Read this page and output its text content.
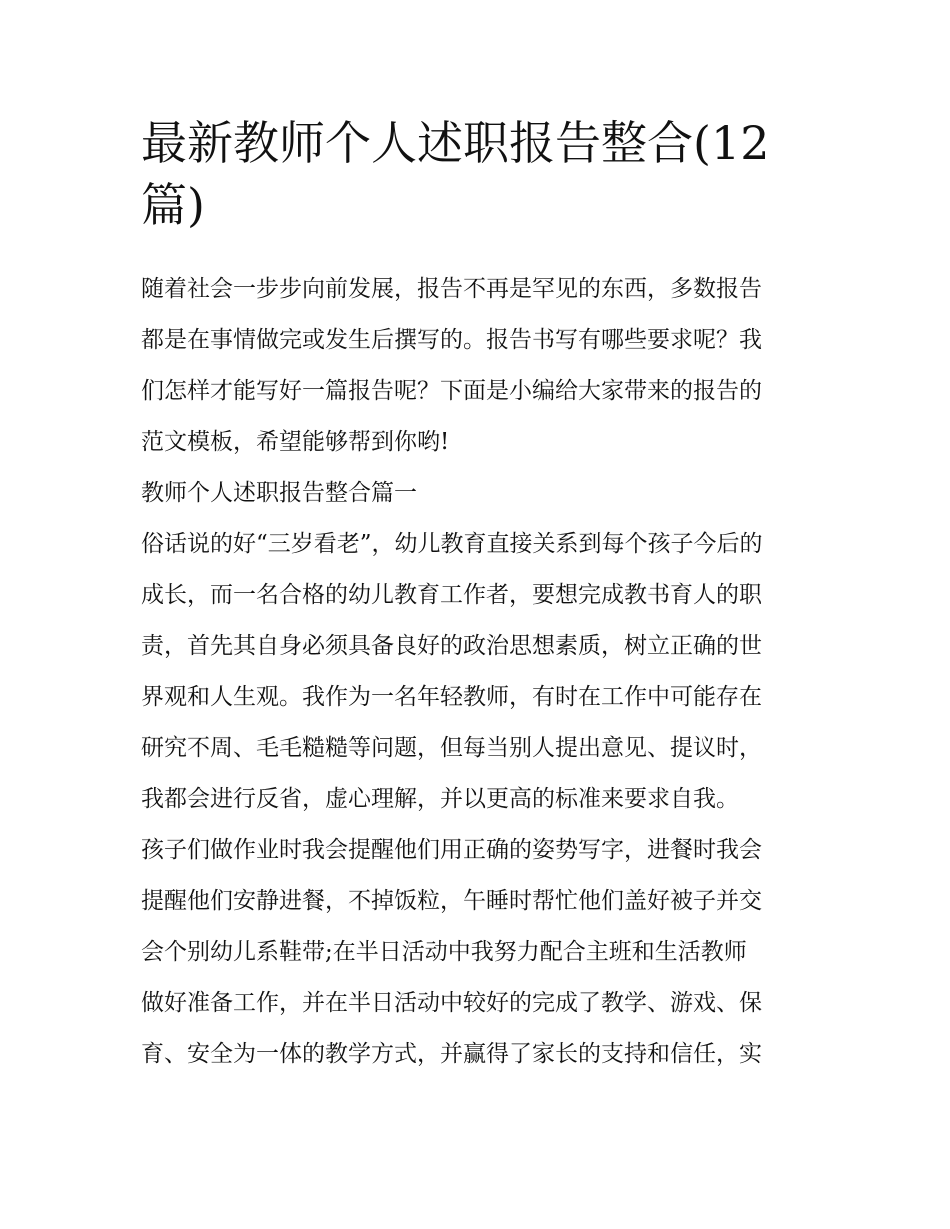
最新教师个人述职报告整合(12
篇)
随着社会一步步向前发展，报告不再是罕见的东西，多数报告
都是在事情做完或发生后撰写的。报告书写有哪些要求呢？我
们怎样才能写好一篇报告呢？下面是小编给大家带来的报告的
范文模板，希望能够帮到你哟!
教师个人述职报告整合篇一
俗话说的好“三岁看老”，幼儿教育直接关系到每个孩子今后的
成长，而一名合格的幼儿教育工作者，要想完成教书育人的职
责，首先其自身必须具备良好的政治思想素质，树立正确的世
界观和人生观。我作为一名年轻教师，有时在工作中可能存在
研究不周、毛毛糙糙等问题，但每当别人提出意见、提议时，
我都会进行反省，虚心理解，并以更高的标准来要求自我。
孩子们做作业时我会提醒他们用正确的姿势写字，进餐时我会
提醒他们安静进餐，不掉饭粒，午睡时帮忙他们盖好被子并交
会个别幼儿系鞋带;在半日活动中我努力配合主班和生活教师
做好准备工作，并在半日活动中较好的完成了教学、游戏、保
育、安全为一体的教学方式，并赢得了家长的支持和信任，实
